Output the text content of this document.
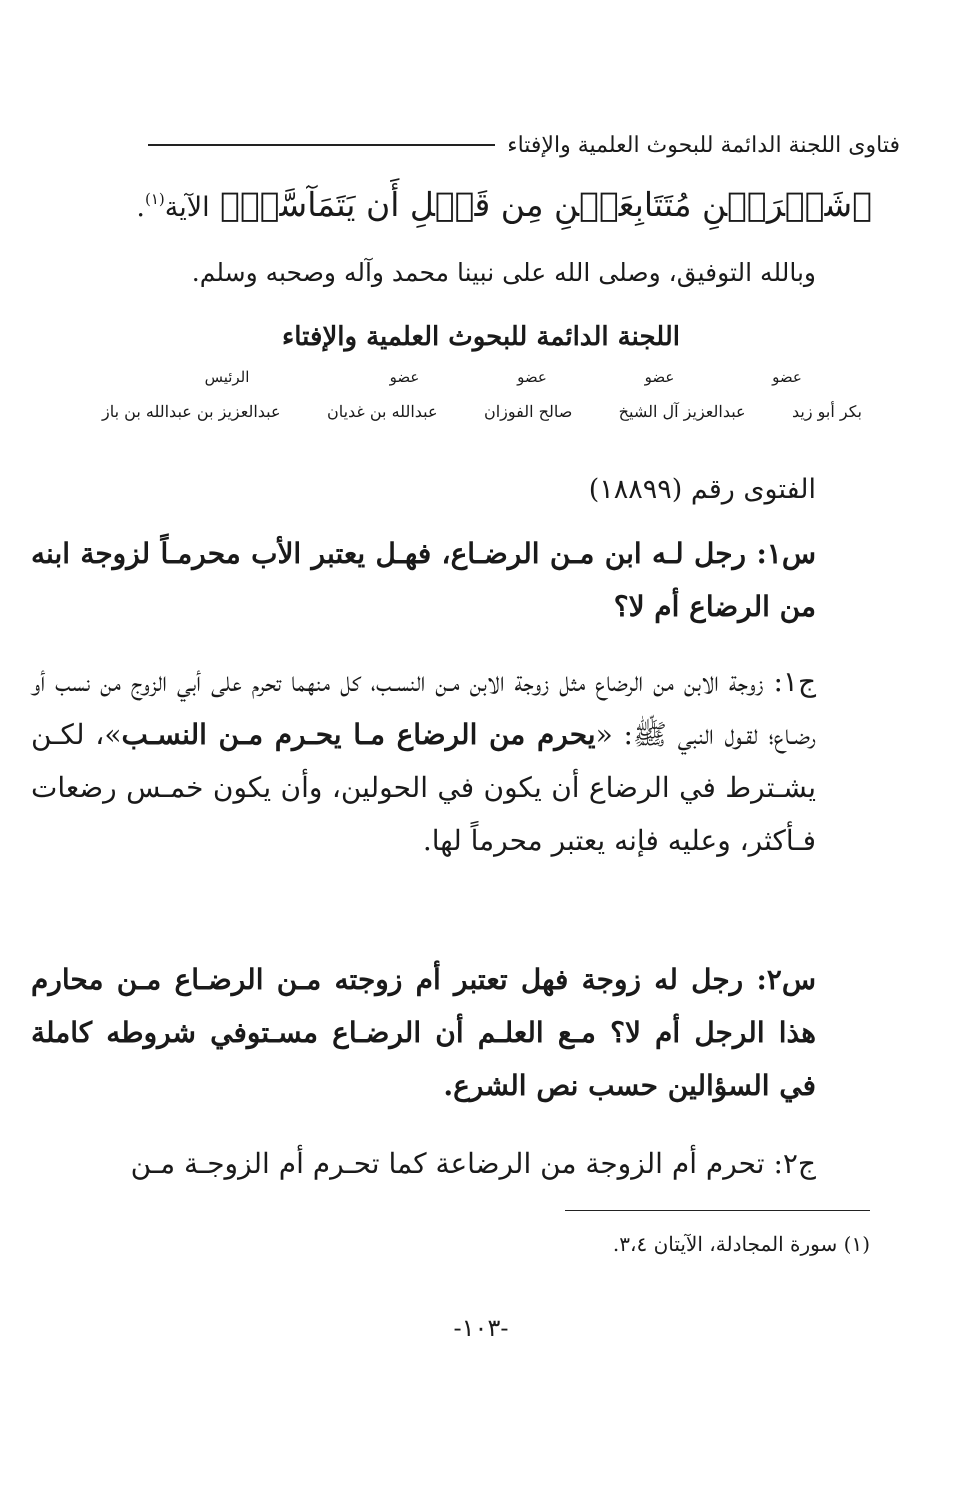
فتاوى اللجنة الدائمة للبحوث العلمية والإفتاء
﴿شَهۡرَيۡنِ مُتَتَابِعَيۡنِ مِن قَبۡلِ أَن يَتَمَآسَّاۖ﴾ الآية$^{(١)}$.
وبالله التوفيق، وصلى الله على نبينا محمد وآله وصحبه وسلم.
اللجنة الدائمة للبحوث العلمية والإفتاء
عضو
عضو
عضو
عضو
الرئيس
بكر أبو زيد
عبدالعزيز آل الشيخ
صالح الفوزان
عبدالله بن غديان
عبدالعزيز بن عبدالله بن باز
الفتوى رقم (١٨٨٩٩)
س١: رجل لـه ابن مـن الرضـاع، فهـل يعتبر الأب محرمـاً لزوجة ابنه من الرضاع أم لا؟
ج١: زوجة الابن من الرضاع مثل زوجة الابن مـن النسـب، كل منهما تحرم على أبي الزوج من نسب أو رضـاع؛ لقـول النبي ﷺ: «يحرم من الرضاع مـا يحـرم مـن النسـب»، لكـن يشـترط في الرضاع أن يكون في الحولين، وأن يكون خمـس رضعات فـأكثر، وعليه فإنه يعتبر محرماً لها.
س٢: رجل له زوجة فهل تعتبر أم زوجته مـن الرضـاع مـن محارم هذا الرجل أم لا؟ مـع العلـم أن الرضـاع مسـتوفي شروطه كاملة في السؤالين حسب نص الشرع.
ج٢: تحرم أم الزوجة من الرضاعة كما تحـرم أم الزوجـة مـن
(١) سورة المجادلة، الآيتان ٣،٤.
-١٠٣-
